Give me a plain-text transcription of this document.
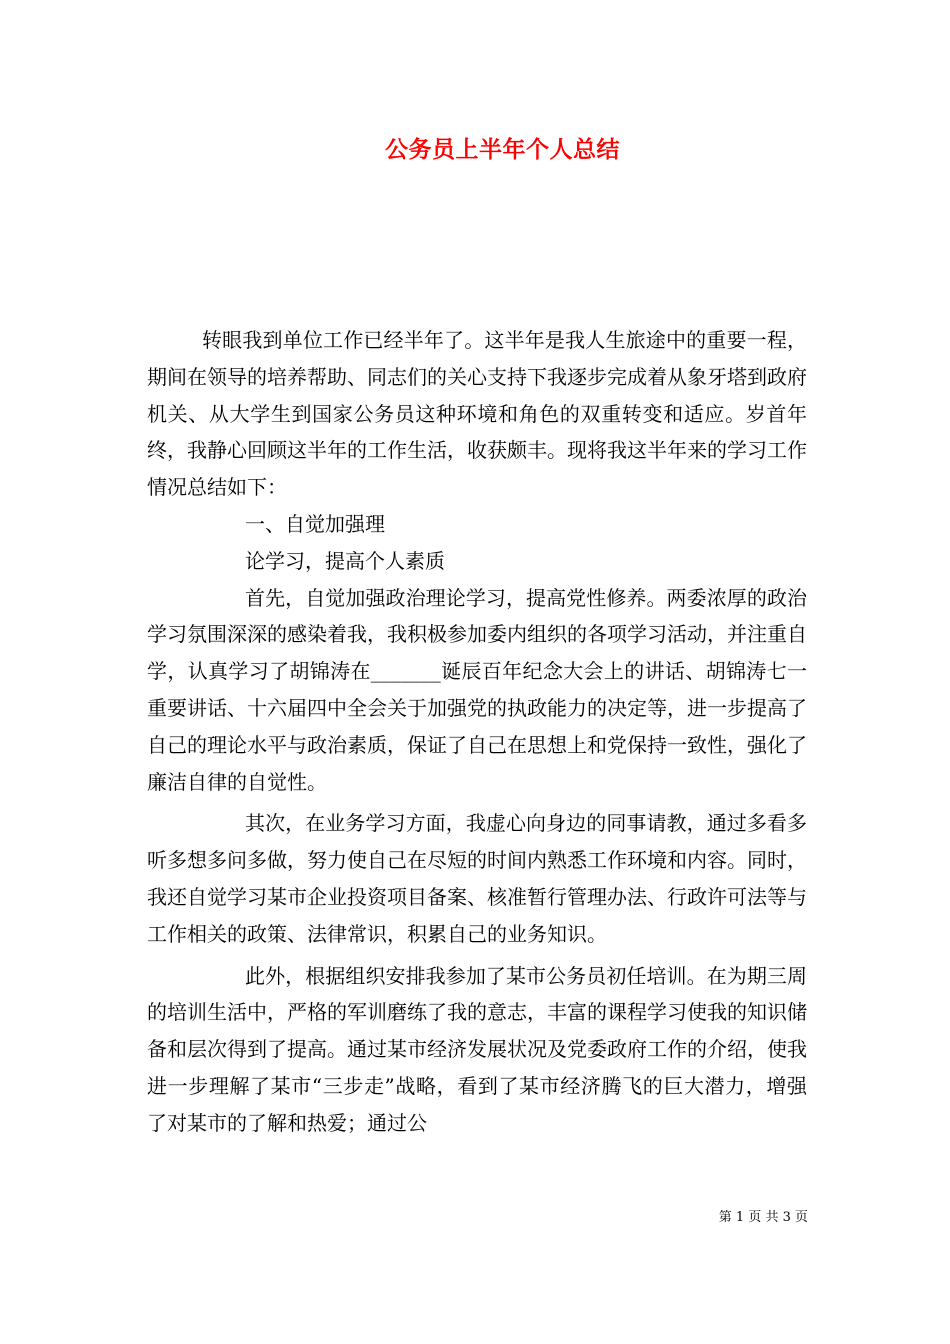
公务员上半年个人总结

转眼我到单位工作已经半年了。这半年是我人生旅途中的重要一程，期间在领导的培养帮助、同志们的关心支持下我逐步完成着从象牙塔到政府机关、从大学生到国家公务员这种环境和角色的双重转变和适应。岁首年终，我静心回顾这半年的工作生活，收获颇丰。现将我这半年来的学习工作情况总结如下：

一、自觉加强理

论学习，提高个人素质

首先，自觉加强政治理论学习，提高党性修养。两委浓厚的政治学习氛围深深的感染着我，我积极参加委内组织的各项学习活动，并注重自学，认真学习了胡锦涛在_______诞辰百年纪念大会上的讲话、胡锦涛七一重要讲话、十六届四中全会关于加强党的执政能力的决定等，进一步提高了自己的理论水平与政治素质，保证了自己在思想上和党保持一致性，强化了廉洁自律的自觉性。

其次，在业务学习方面，我虚心向身边的同事请教，通过多看多听多想多问多做，努力使自己在尽短的时间内熟悉工作环境和内容。同时，我还自觉学习某市企业投资项目备案、核准暂行管理办法、行政许可法等与工作相关的政策、法律常识，积累自己的业务知识。

此外，根据组织安排我参加了某市公务员初任培训。在为期三周的培训生活中，严格的军训磨练了我的意志，丰富的课程学习使我的知识储备和层次得到了提高。通过某市经济发展状况及党委政府工作的介绍，使我进一步理解了某市“三步走”战略，看到了某市经济腾飞的巨大潜力，增强了对某市的了解和热爱；通过公

第 1 页 共 3 页
